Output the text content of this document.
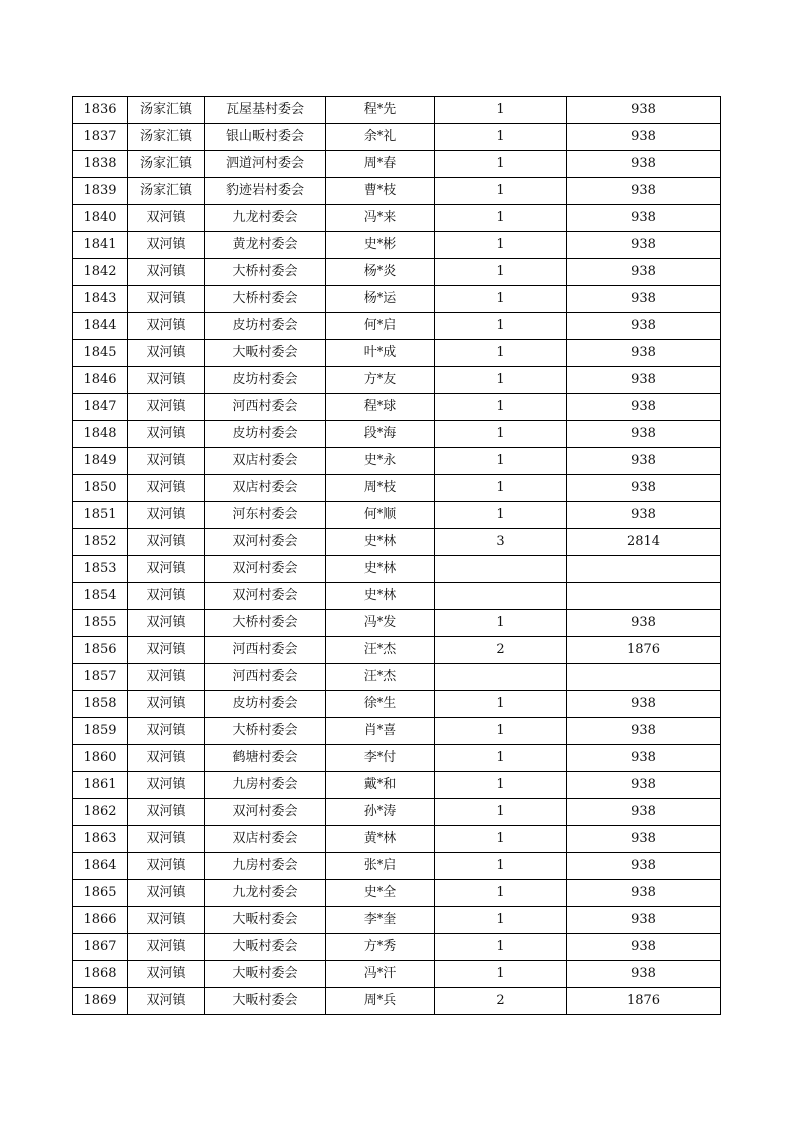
1836	汤家汇镇	瓦屋基村委会	程*先	1	938
1837	汤家汇镇	银山畈村委会	余*礼	1	938
1838	汤家汇镇	泗道河村委会	周*春	1	938
1839	汤家汇镇	豹迹岩村委会	曹*枝	1	938
1840	双河镇	九龙村委会	冯*来	1	938
1841	双河镇	黄龙村委会	史*彬	1	938
1842	双河镇	大桥村委会	杨*炎	1	938
1843	双河镇	大桥村委会	杨*运	1	938
1844	双河镇	皮坊村委会	何*启	1	938
1845	双河镇	大畈村委会	叶*成	1	938
1846	双河镇	皮坊村委会	方*友	1	938
1847	双河镇	河西村委会	程*球	1	938
1848	双河镇	皮坊村委会	段*海	1	938
1849	双河镇	双店村委会	史*永	1	938
1850	双河镇	双店村委会	周*枝	1	938
1851	双河镇	河东村委会	何*顺	1	938
1852	双河镇	双河村委会	史*林	3	2814
1853	双河镇	双河村委会	史*林		
1854	双河镇	双河村委会	史*林		
1855	双河镇	大桥村委会	冯*发	1	938
1856	双河镇	河西村委会	汪*杰	2	1876
1857	双河镇	河西村委会	汪*杰		
1858	双河镇	皮坊村委会	徐*生	1	938
1859	双河镇	大桥村委会	肖*喜	1	938
1860	双河镇	鹤塘村委会	李*付	1	938
1861	双河镇	九房村委会	戴*和	1	938
1862	双河镇	双河村委会	孙*涛	1	938
1863	双河镇	双店村委会	黄*林	1	938
1864	双河镇	九房村委会	张*启	1	938
1865	双河镇	九龙村委会	史*全	1	938
1866	双河镇	大畈村委会	李*奎	1	938
1867	双河镇	大畈村委会	方*秀	1	938
1868	双河镇	大畈村委会	冯*汗	1	938
1869	双河镇	大畈村委会	周*兵	2	1876
